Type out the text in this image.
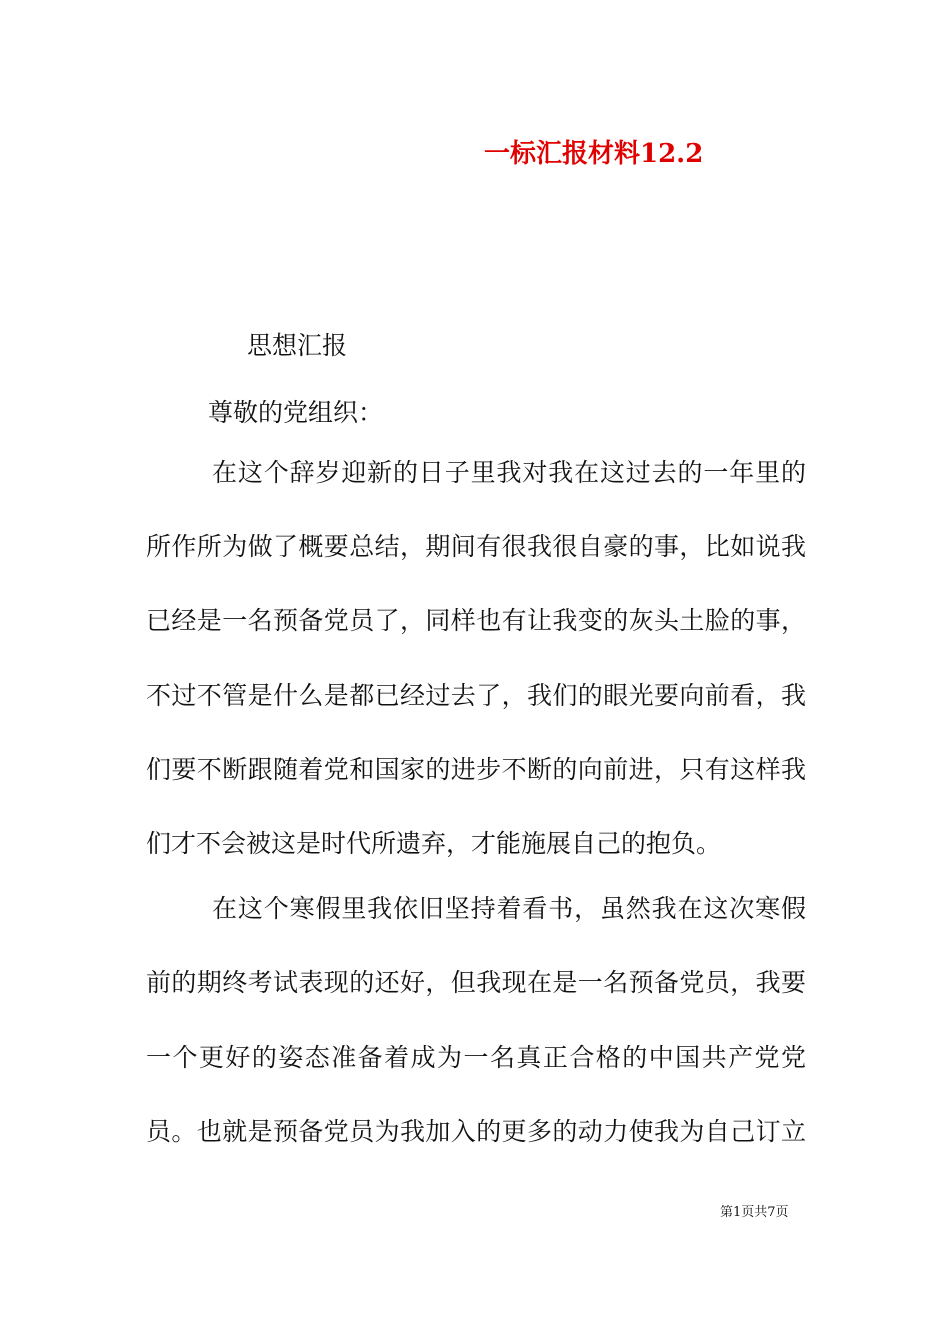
一标汇报材料12.2
思想汇报
尊敬的党组织：
在这个辞岁迎新的日子里我对我在这过去的一年里的
所作所为做了概要总结，期间有很我很自豪的事，比如说我
已经是一名预备党员了，同样也有让我变的灰头土脸的事，
不过不管是什么是都已经过去了，我们的眼光要向前看，我
们要不断跟随着党和国家的进步不断的向前进，只有这样我
们才不会被这是时代所遗弃，才能施展自己的抱负。
在这个寒假里我依旧坚持着看书，虽然我在这次寒假
前的期终考试表现的还好，但我现在是一名预备党员，我要
一个更好的姿态准备着成为一名真正合格的中国共产党党
员。也就是预备党员为我加入的更多的动力使我为自己订立
第1页共7页
